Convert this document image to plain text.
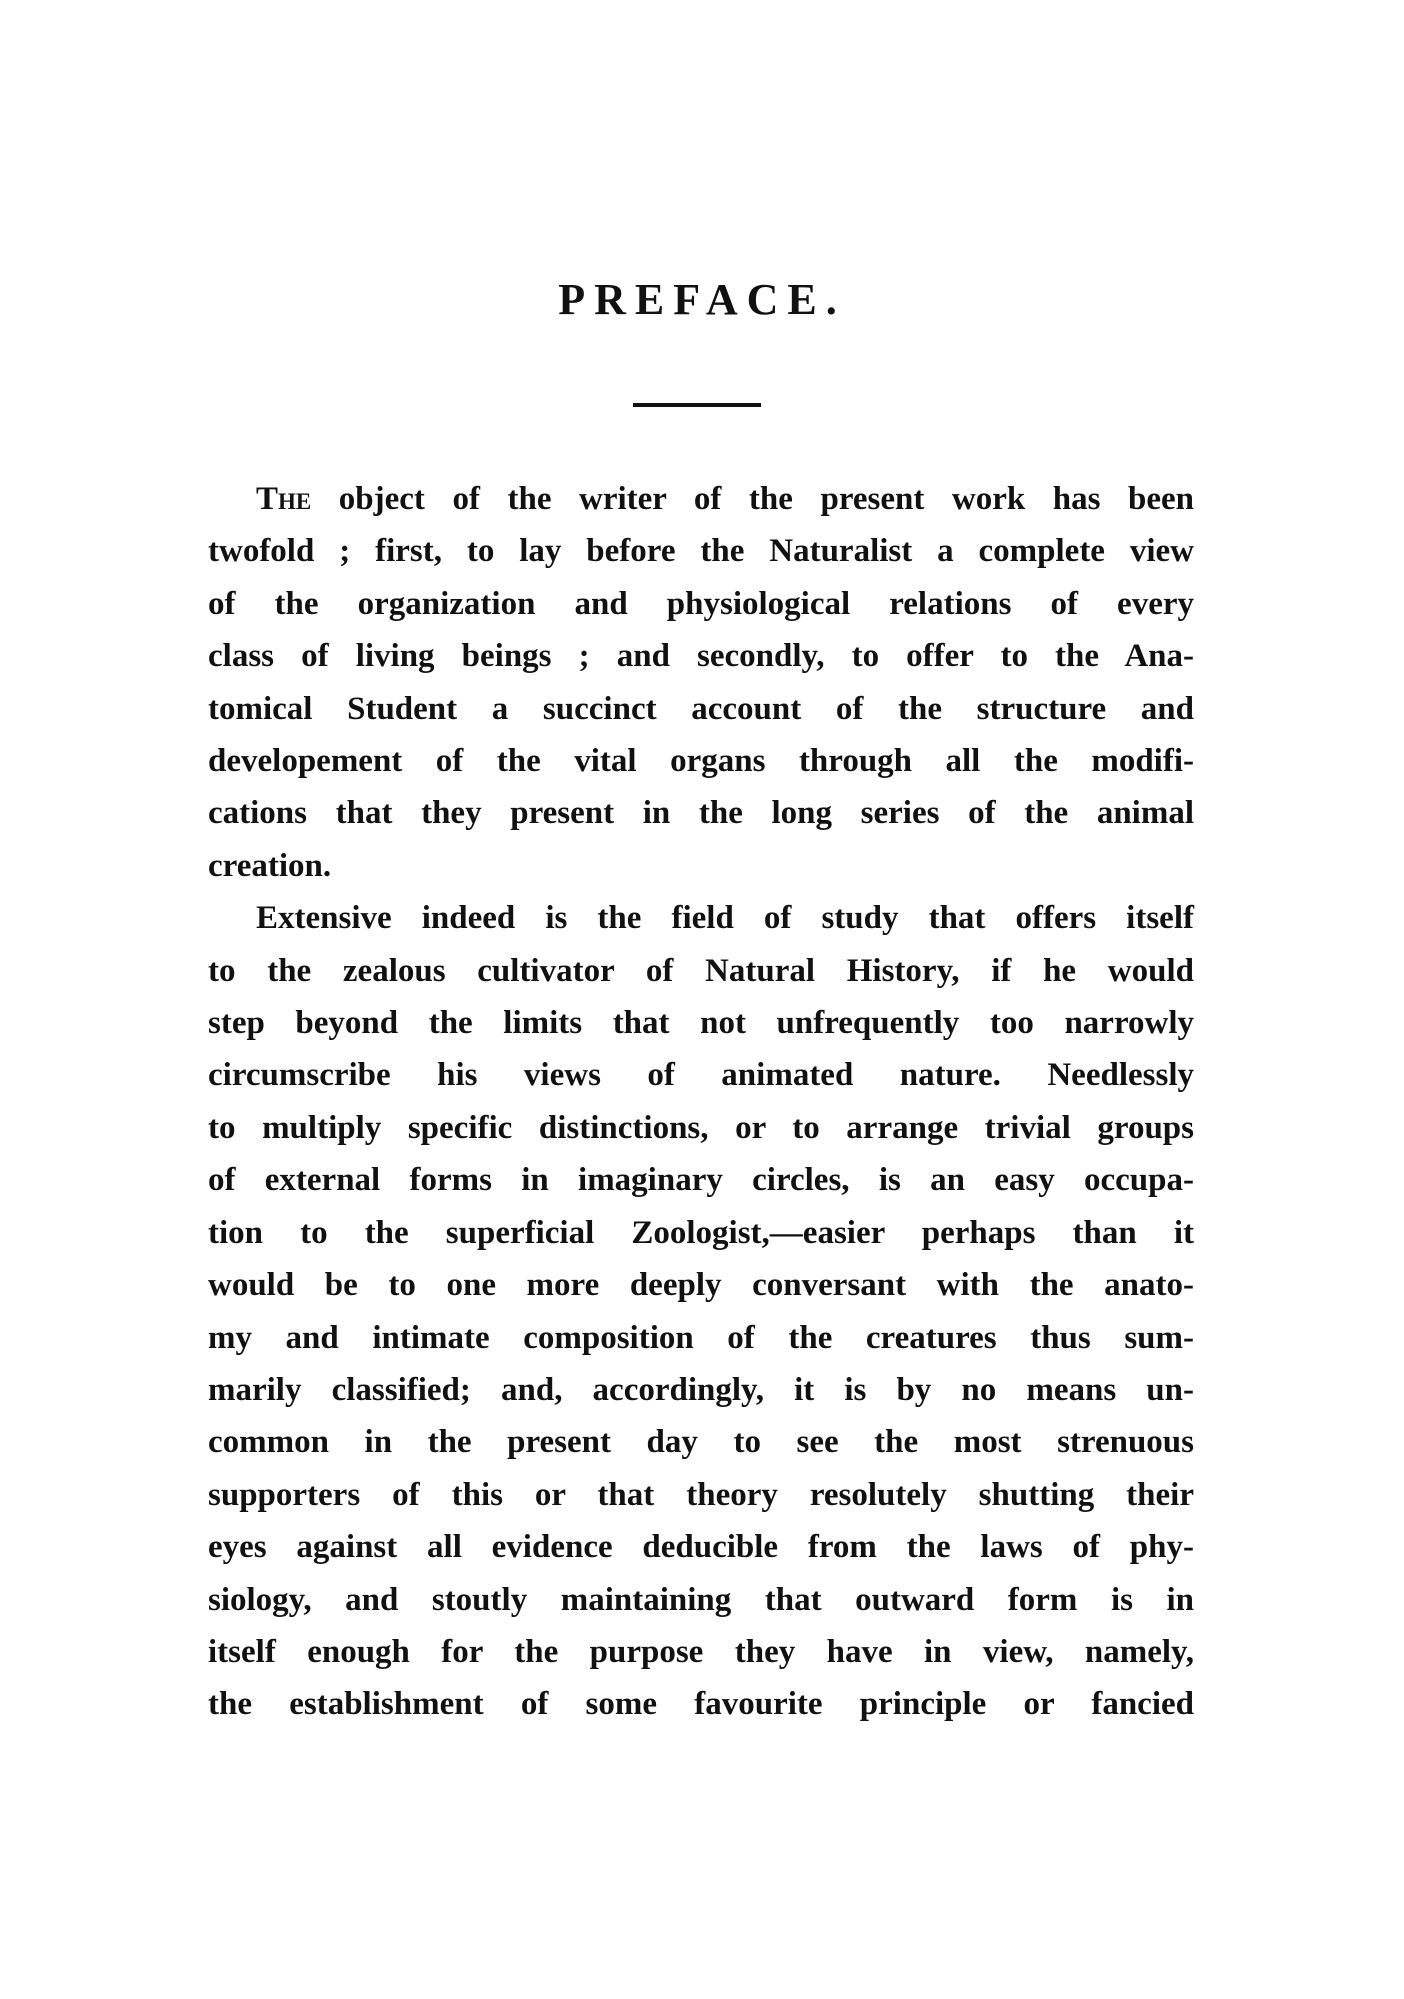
PREFACE.

The object of the writer of the present work has been
twofold ; first, to lay before the Naturalist a complete view
of the organization and physiological relations of every
class of living beings ; and secondly, to offer to the Ana-
tomical Student a succinct account of the structure and
developement of the vital organs through all the modifi-
cations that they present in the long series of the animal
creation.

Extensive indeed is the field of study that offers itself
to the zealous cultivator of Natural History, if he would
step beyond the limits that not unfrequently too narrowly
circumscribe his views of animated nature. Needlessly
to multiply specific distinctions, or to arrange trivial groups
of external forms in imaginary circles, is an easy occupa-
tion to the superficial Zoologist,—easier perhaps than it
would be to one more deeply conversant with the anato-
my and intimate composition of the creatures thus sum-
marily classified; and, accordingly, it is by no means un-
common in the present day to see the most strenuous
supporters of this or that theory resolutely shutting their
eyes against all evidence deducible from the laws of phy-
siology, and stoutly maintaining that outward form is in
itself enough for the purpose they have in view, namely,
the establishment of some favourite principle or fancied
